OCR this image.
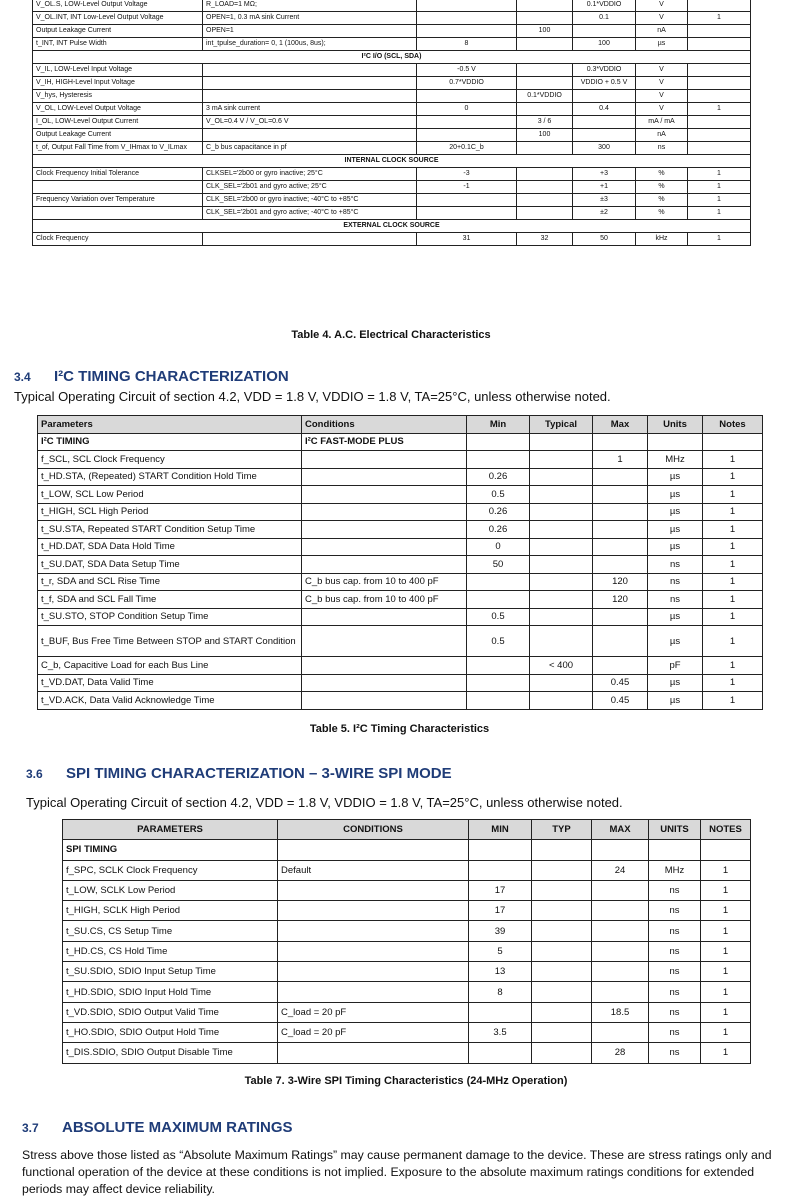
V_OL.S, LOW-Level Output Voltage	R_LOAD=1 MΩ;			0.1*VDDIO	V	
V_OL.INT, INT Low-Level Output Voltage	OPEN=1, 0.3 mA sink Current			0.1	V	1
Output Leakage Current	OPEN=1		100		nA	
t_INT, INT Pulse Width	int_tpulse_duration= 0, 1 (100us, 8us);	8		100	µs	
I²C I/O (SCL, SDA)						
V_IL, LOW-Level Input Voltage		-0.5 V		0.3*VDDIO	V	
V_IH, HIGH-Level Input Voltage		0.7*VDDIO		VDDIO + 0.5 V	V	
V_hys, Hysteresis			0.1*VDDIO		V	
V_OL, LOW-Level Output Voltage	3 mA sink current	0		0.4	V	1
I_OL, LOW-Level Output Current	V_OL=0.4 V / V_OL=0.6 V		3 / 6		mA / mA	
Output Leakage Current			100		nA	
t_of, Output Fall Time from V_IHmax to V_ILmax	C_b bus capacitance in pf	20+0.1C_b		300	ns	
INTERNAL CLOCK SOURCE						
Clock Frequency Initial Tolerance	CLKSEL='2b00 or gyro inactive; 25°C	-3		+3	%	1
	CLK_SEL='2b01 and gyro active; 25°C	-1		+1	%	1
Frequency Variation over Temperature	CLK_SEL='2b00 or gyro inactive; -40°C to +85°C			±3	%	1
	CLK_SEL='2b01 and gyro active; -40°C to +85°C			±2	%	1
EXTERNAL CLOCK SOURCE						
Clock Frequency		31	32	50	kHz	1
Table 4. A.C. Electrical Characteristics
3.4 I²C TIMING CHARACTERIZATION
Typical Operating Circuit of section 4.2, VDD = 1.8 V, VDDIO = 1.8 V, TA=25°C, unless otherwise noted.
Parameters	Conditions	Min	Typical	Max	Units	Notes
I²C TIMING	I²C FAST-MODE PLUS					
f_SCL, SCL Clock Frequency				1	MHz	1
t_HD.STA, (Repeated) START Condition Hold Time		0.26			µs	1
t_LOW, SCL Low Period		0.5			µs	1
t_HIGH, SCL High Period		0.26			µs	1
t_SU.STA, Repeated START Condition Setup Time		0.26			µs	1
t_HD.DAT, SDA Data Hold Time		0			µs	1
t_SU.DAT, SDA Data Setup Time		50			ns	1
t_r, SDA and SCL Rise Time	C_b bus cap. from 10 to 400 pF			120	ns	1
t_f, SDA and SCL Fall Time	C_b bus cap. from 10 to 400 pF			120	ns	1
t_SU.STO, STOP Condition Setup Time		0.5			µs	1
t_BUF, Bus Free Time Between STOP and START Condition		0.5			µs	1
C_b, Capacitive Load for each Bus Line			< 400		pF	1
t_VD.DAT, Data Valid Time				0.45	µs	1
t_VD.ACK, Data Valid Acknowledge Time				0.45	µs	1
Table 5. I²C Timing Characteristics
3.6 SPI TIMING CHARACTERIZATION – 3-WIRE SPI MODE
Typical Operating Circuit of section 4.2, VDD = 1.8 V, VDDIO = 1.8 V, TA=25°C, unless otherwise noted.
PARAMETERS	CONDITIONS	MIN	TYP	MAX	UNITS	NOTES
SPI TIMING						
f_SPC, SCLK Clock Frequency	Default			24	MHz	1
t_LOW, SCLK Low Period		17			ns	1
t_HIGH, SCLK High Period		17			ns	1
t_SU.CS, CS Setup Time		39			ns	1
t_HD.CS, CS Hold Time		5			ns	1
t_SU.SDIO, SDIO Input Setup Time		13			ns	1
t_HD.SDIO, SDIO Input Hold Time		8			ns	1
t_VD.SDIO, SDIO Output Valid Time	C_load = 20 pF			18.5	ns	1
t_HO.SDIO, SDIO Output Hold Time	C_load = 20 pF	3.5			ns	1
t_DIS.SDIO, SDIO Output Disable Time				28	ns	1
Table 7. 3-Wire SPI Timing Characteristics (24-MHz Operation)
3.7 ABSOLUTE MAXIMUM RATINGS
Stress above those listed as “Absolute Maximum Ratings” may cause permanent damage to the device. These are stress ratings only and functional operation of the device at these conditions is not implied. Exposure to the absolute maximum ratings conditions for extended periods may affect device reliability.
